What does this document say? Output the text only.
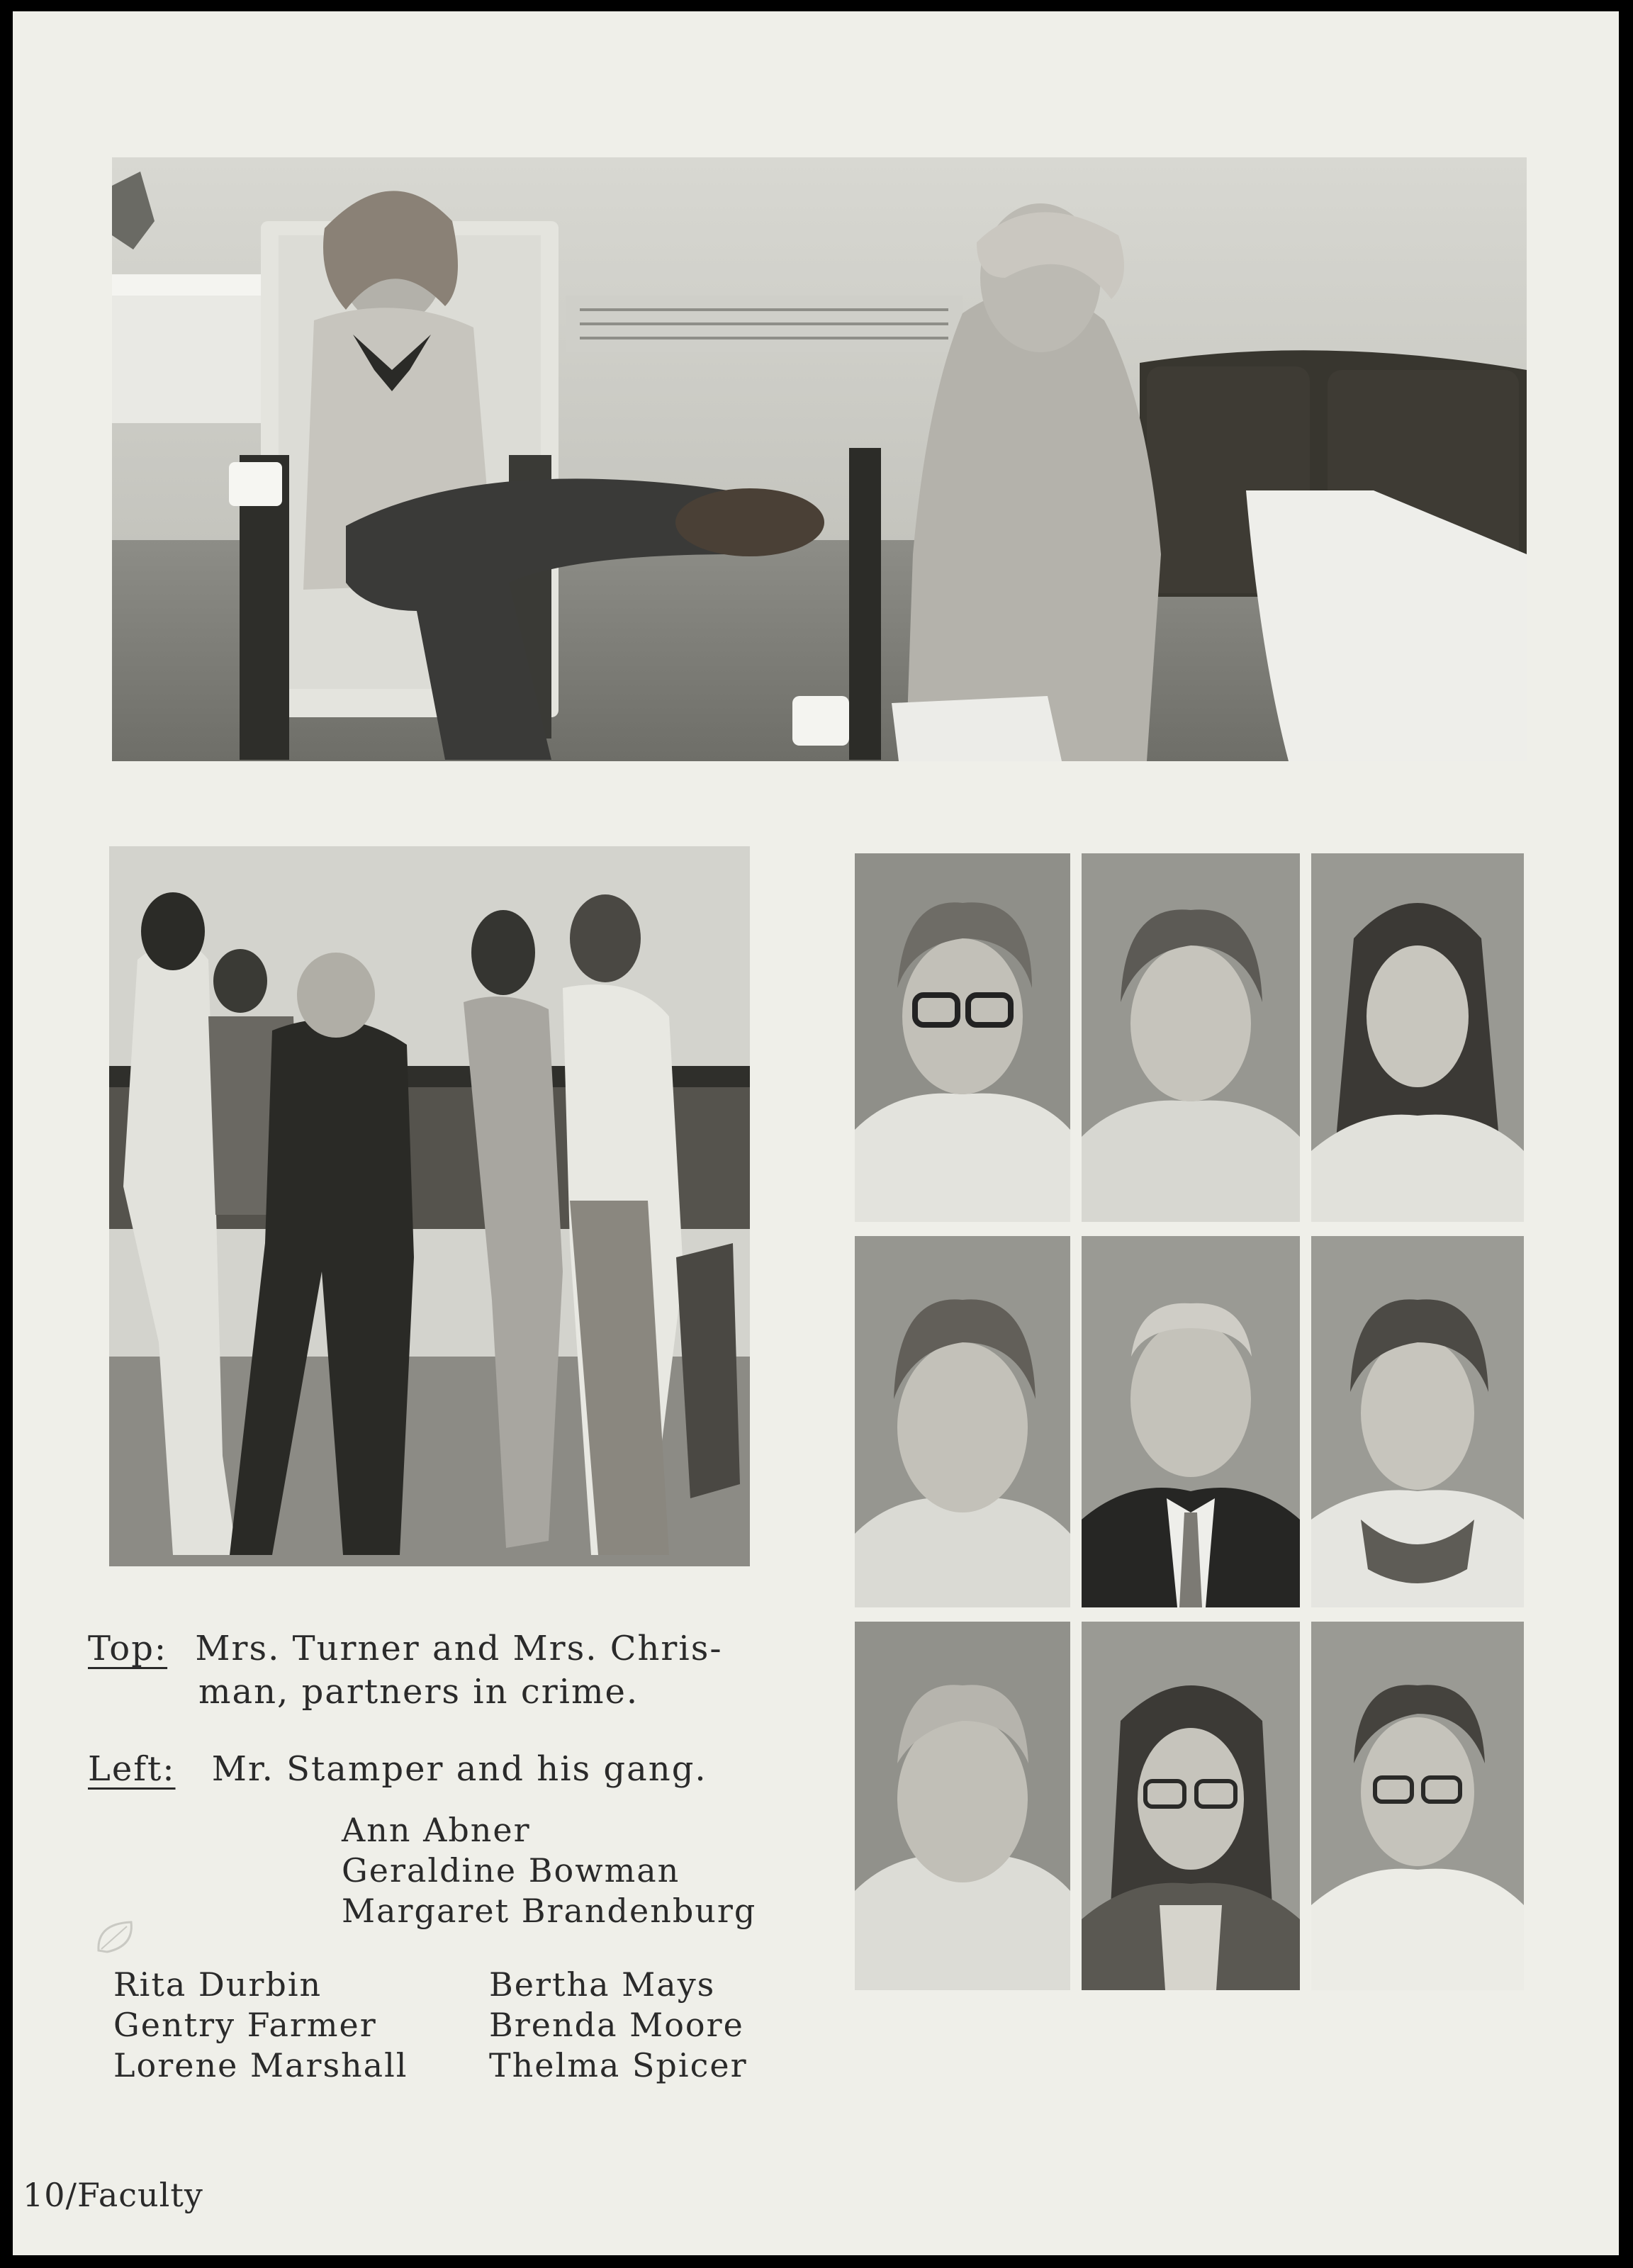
Top: Mrs. Turner and Mrs. Chris-
man, partners in crime.
Left: Mr. Stamper and his gang.
Ann Abner
Geraldine Bowman
Margaret Brandenburg
Rita Durbin
Gentry Farmer
Lorene Marshall
Bertha Mays
Brenda Moore
Thelma Spicer
10/Faculty
